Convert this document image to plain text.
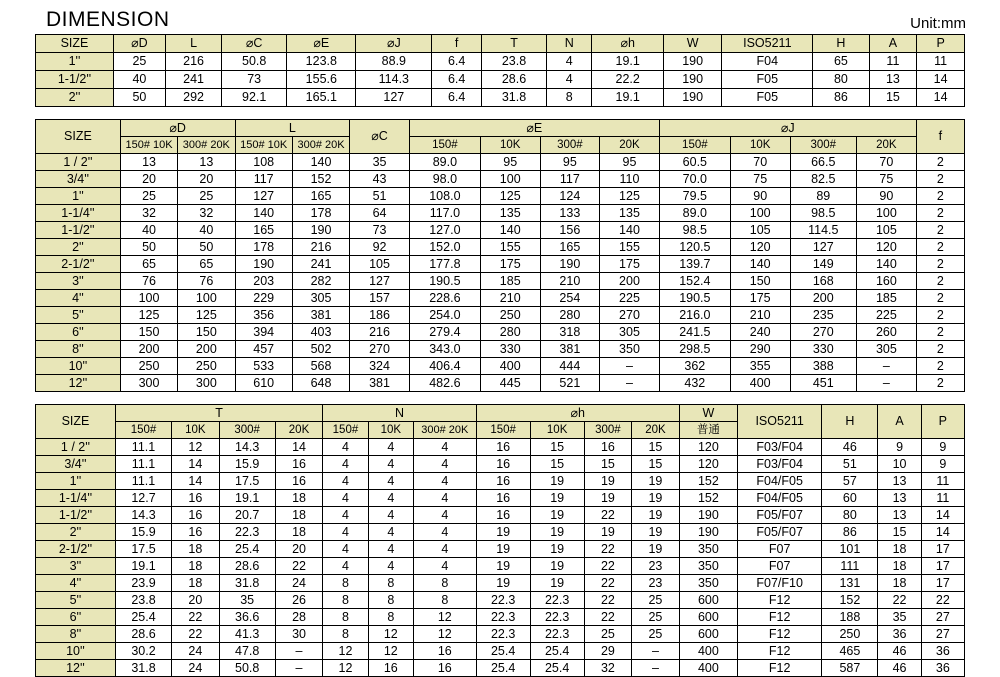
DIMENSION	Unit:mm
SIZE	⌀D	L	⌀C	⌀E	⌀J	f	T	N	⌀h	W	ISO5211	H	A	P
1''	25	216	50.8	123.8	88.9	6.4	23.8	4	19.1	190	F04	65	11	11
1-1/2''	40	241	73	155.6	114.3	6.4	28.6	4	22.2	190	F05	80	13	14
2''	50	292	92.1	165.1	127	6.4	31.8	8	19.1	190	F05	86	15	14
SIZE	⌀D		L		⌀C	⌀E				⌀J				f
	150# 10K	300# 20K	150# 10K	300# 20K		150#	10K	300#	20K	150#	10K	300#	20K	
1 / 2''	13	13	108	140	35	89.0	95	95	95	60.5	70	66.5	70	2
3/4''	20	20	117	152	43	98.0	100	117	110	70.0	75	82.5	75	2
1''	25	25	127	165	51	108.0	125	124	125	79.5	90	89	90	2
1-1/4''	32	32	140	178	64	117.0	135	133	135	89.0	100	98.5	100	2
1-1/2''	40	40	165	190	73	127.0	140	156	140	98.5	105	114.5	105	2
2''	50	50	178	216	92	152.0	155	165	155	120.5	120	127	120	2
2-1/2''	65	65	190	241	105	177.8	175	190	175	139.7	140	149	140	2
3''	76	76	203	282	127	190.5	185	210	200	152.4	150	168	160	2
4''	100	100	229	305	157	228.6	210	254	225	190.5	175	200	185	2
5''	125	125	356	381	186	254.0	250	280	270	216.0	210	235	225	2
6''	150	150	394	403	216	279.4	280	318	305	241.5	240	270	260	2
8''	200	200	457	502	270	343.0	330	381	350	298.5	290	330	305	2
10''	250	250	533	568	324	406.4	400	444	–	362	355	388	–	2
12''	300	300	610	648	381	482.6	445	521	–	432	400	451	–	2
SIZE	T				N			⌀h				W	ISO5211	H	A	P
	150#	10K	300#	20K	150#	10K	300# 20K	150#	10K	300#	20K	普通				
1 / 2''	11.1	12	14.3	14	4	4	4	16	15	16	15	120	F03/F04	46	9	9
3/4''	11.1	14	15.9	16	4	4	4	16	15	15	15	120	F03/F04	51	10	9
1''	11.1	14	17.5	16	4	4	4	16	19	19	19	152	F04/F05	57	13	11
1-1/4''	12.7	16	19.1	18	4	4	4	16	19	19	19	152	F04/F05	60	13	11
1-1/2''	14.3	16	20.7	18	4	4	4	16	19	22	19	190	F05/F07	80	13	14
2''	15.9	16	22.3	18	4	4	4	19	19	19	19	190	F05/F07	86	15	14
2-1/2''	17.5	18	25.4	20	4	4	4	19	19	22	19	350	F07	101	18	17
3''	19.1	18	28.6	22	4	4	4	19	19	22	23	350	F07	111	18	17
4''	23.9	18	31.8	24	8	8	8	19	19	22	23	350	F07/F10	131	18	17
5''	23.8	20	35	26	8	8	8	22.3	22.3	22	25	600	F12	152	22	22
6''	25.4	22	36.6	28	8	8	12	22.3	22.3	22	25	600	F12	188	35	27
8''	28.6	22	41.3	30	8	12	12	22.3	22.3	25	25	600	F12	250	36	27
10''	30.2	24	47.8	–	12	12	16	25.4	25.4	29	–	400	F12	465	46	36
12''	31.8	24	50.8	–	12	16	16	25.4	25.4	32	–	400	F12	587	46	36
